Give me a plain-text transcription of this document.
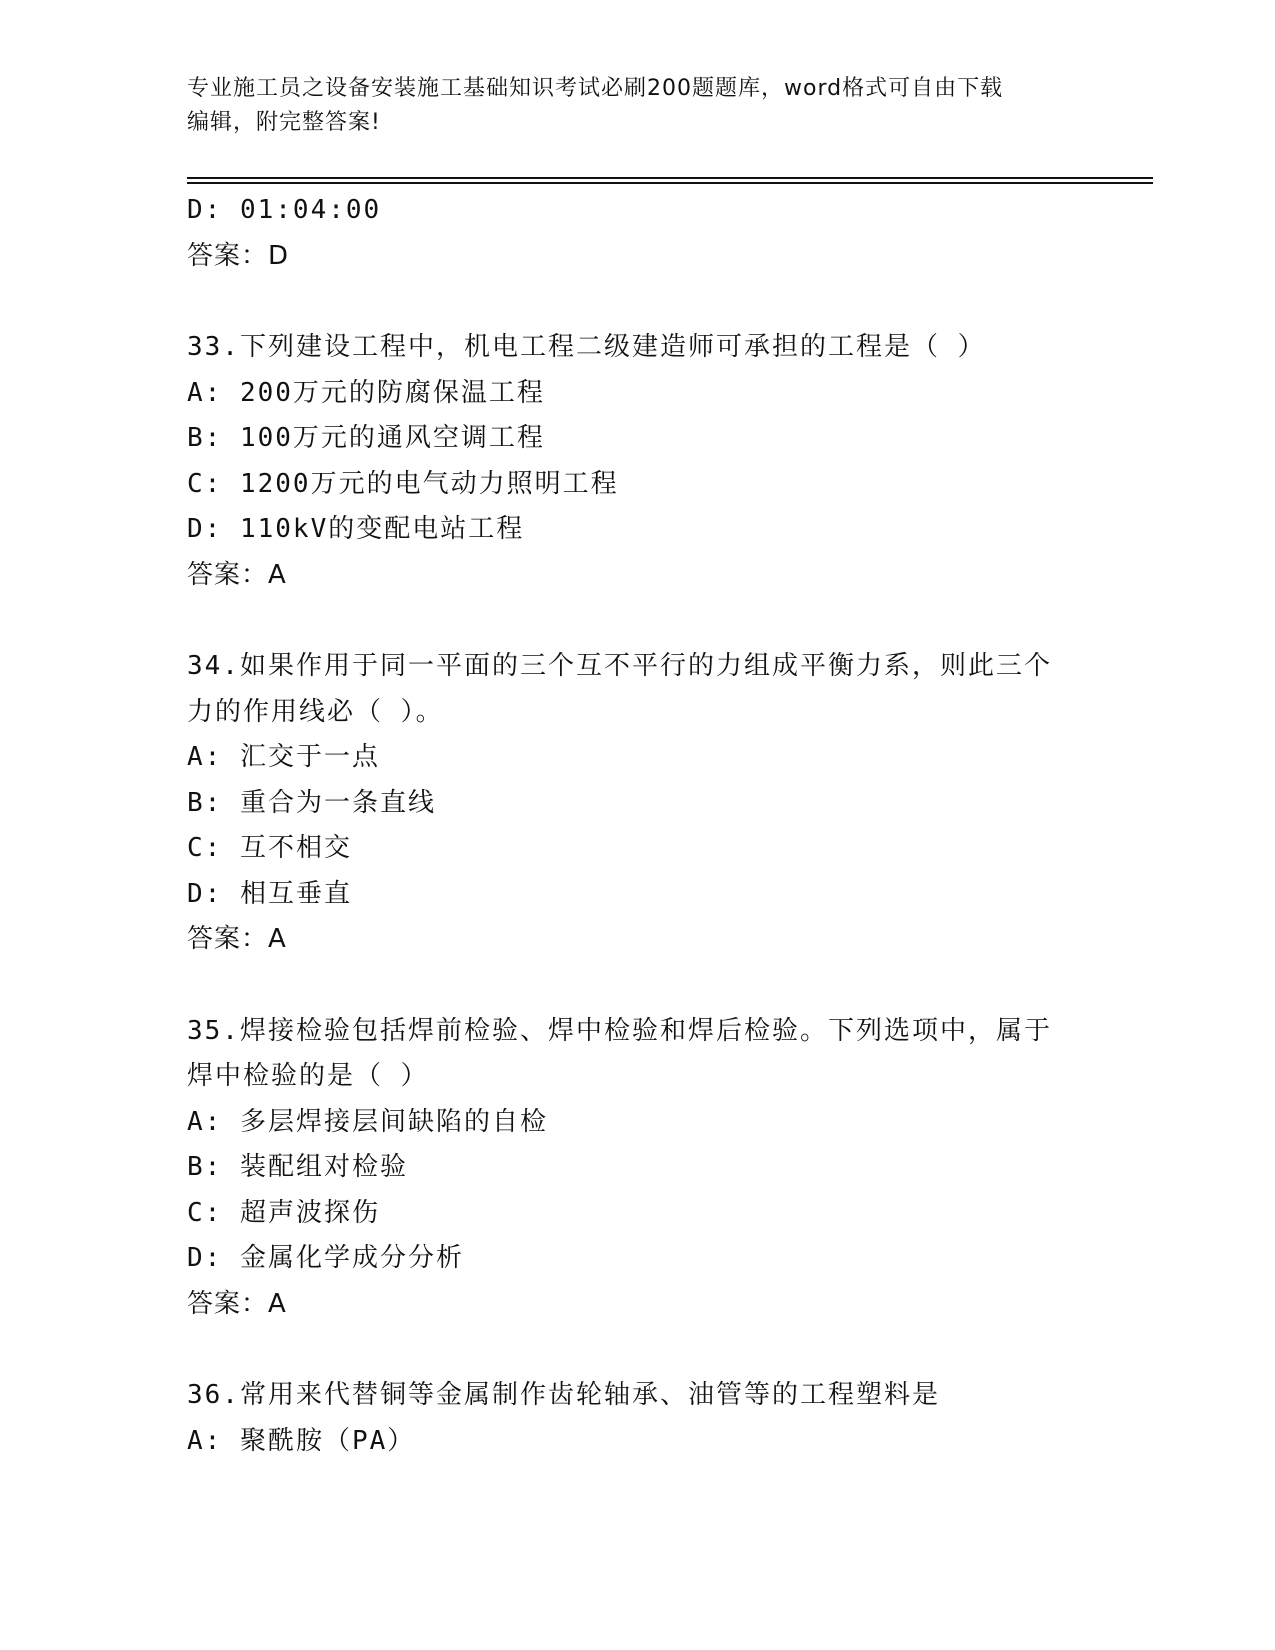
专业施工员之设备安装施工基础知识考试必刷200题题库，word格式可自由下载
编辑，附完整答案!
D: 01:04:00
答案：D
33.下列建设工程中，机电工程二级建造师可承担的工程是（ ）
A: 200万元的防腐保温工程
B: 100万元的通风空调工程
C: 1200万元的电气动力照明工程
D: 110kV的变配电站工程
答案：A
34.如果作用于同一平面的三个互不平行的力组成平衡力系，则此三个
力的作用线必（ ）。
A: 汇交于一点
B: 重合为一条直线
C: 互不相交
D: 相互垂直
答案：A
35.焊接检验包括焊前检验、焊中检验和焊后检验。下列选项中，属于
焊中检验的是（ ）
A: 多层焊接层间缺陷的自检
B: 装配组对检验
C: 超声波探伤
D: 金属化学成分分析
答案：A
36.常用来代替铜等金属制作齿轮轴承、油管等的工程塑料是
A: 聚酰胺（PA）
